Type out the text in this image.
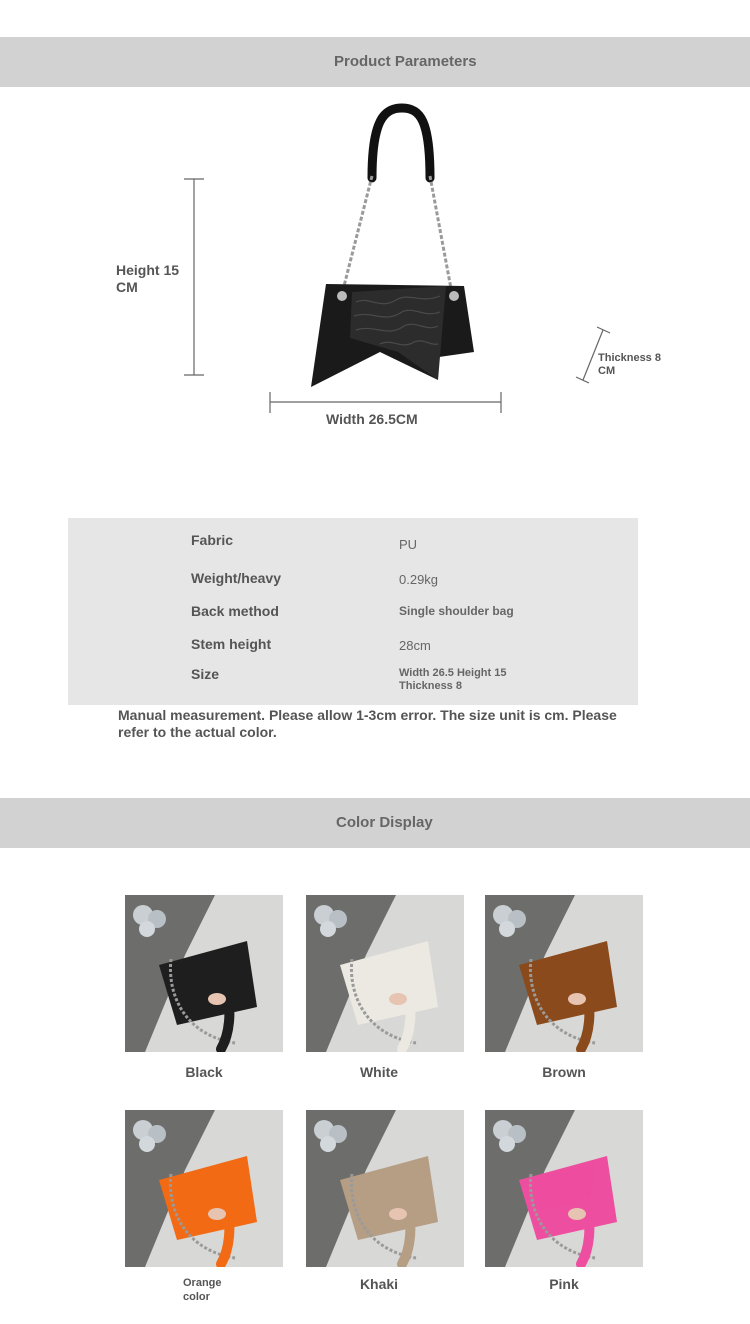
Product Parameters
Height 15 CM
Width 26.5CM
Thickness 8 CM
Fabric	PU
Weight/heavy	0.29kg
Back method	Single shoulder bag
Stem height	28cm
Size	Width 26.5 Height 15 Thickness 8
Manual measurement. Please allow 1-3cm error. The size unit is cm. Please refer to the actual color.
Color Display
Black	White	Brown
Orange color
Khaki	Pink
